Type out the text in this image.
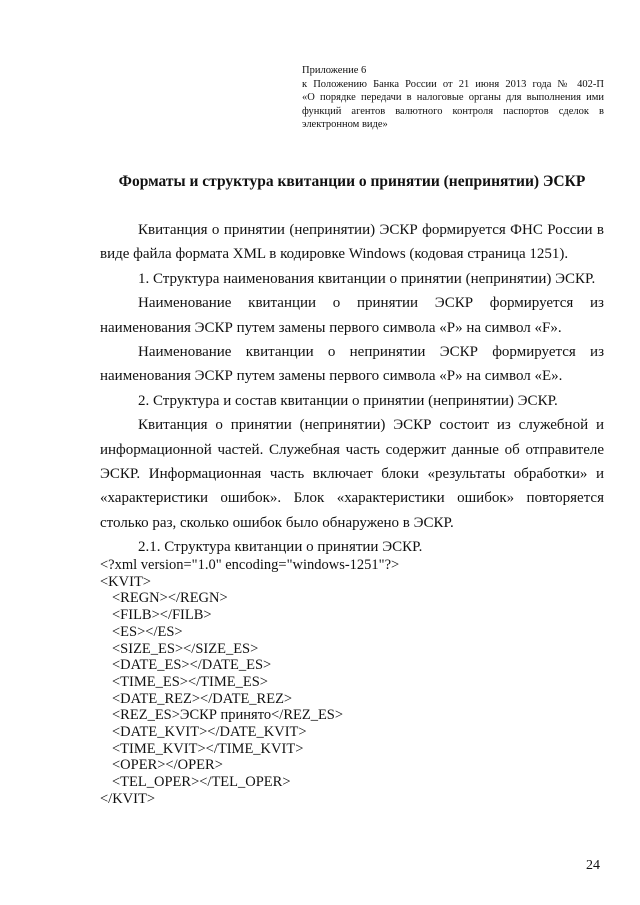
Приложение 6
к Положению Банка России от 21 июня 2013 года № 402-П
«О порядке передачи в налоговые органы для выполнения ими
функций агентов валютного контроля паспортов сделок в
электронном виде»
Форматы и структура квитанции о принятии (непринятии) ЭСКР

Квитанция о принятии (непринятии) ЭСКР формируется ФНС России в виде файла формата XML в кодировке Windows (кодовая страница 1251).

1. Структура наименования квитанции о принятии (непринятии) ЭСКР.

Наименование квитанции о принятии ЭСКР формируется из наименования ЭСКР путем замены первого символа «P» на символ «F».

Наименование квитанции о непринятии ЭСКР формируется из наименования ЭСКР путем замены первого символа «P» на символ «E».

2. Структура и состав квитанции о принятии (непринятии) ЭСКР.

Квитанция о принятии (непринятии) ЭСКР состоит из служебной и информационной частей. Служебная часть содержит данные об отправителе ЭСКР. Информационная часть включает блоки «результаты обработки» и «характеристики ошибок». Блок «характеристики ошибок» повторяется столько раз, сколько ошибок было обнаружено в ЭСКР.

2.1. Структура квитанции о принятии ЭСКР.

<?xml version="1.0" encoding="windows-1251"?>
<KVIT>
<REGN></REGN>
<FILB></FILB>
<ES></ES>
<SIZE_ES></SIZE_ES>
<DATE_ES></DATE_ES>
<TIME_ES></TIME_ES>
<DATE_REZ></DATE_REZ>
<REZ_ES>ЭСКР принято</REZ_ES>
<DATE_KVIT></DATE_KVIT>
<TIME_KVIT></TIME_KVIT>
<OPER></OPER>
<TEL_OPER></TEL_OPER>
</KVIT>
24
